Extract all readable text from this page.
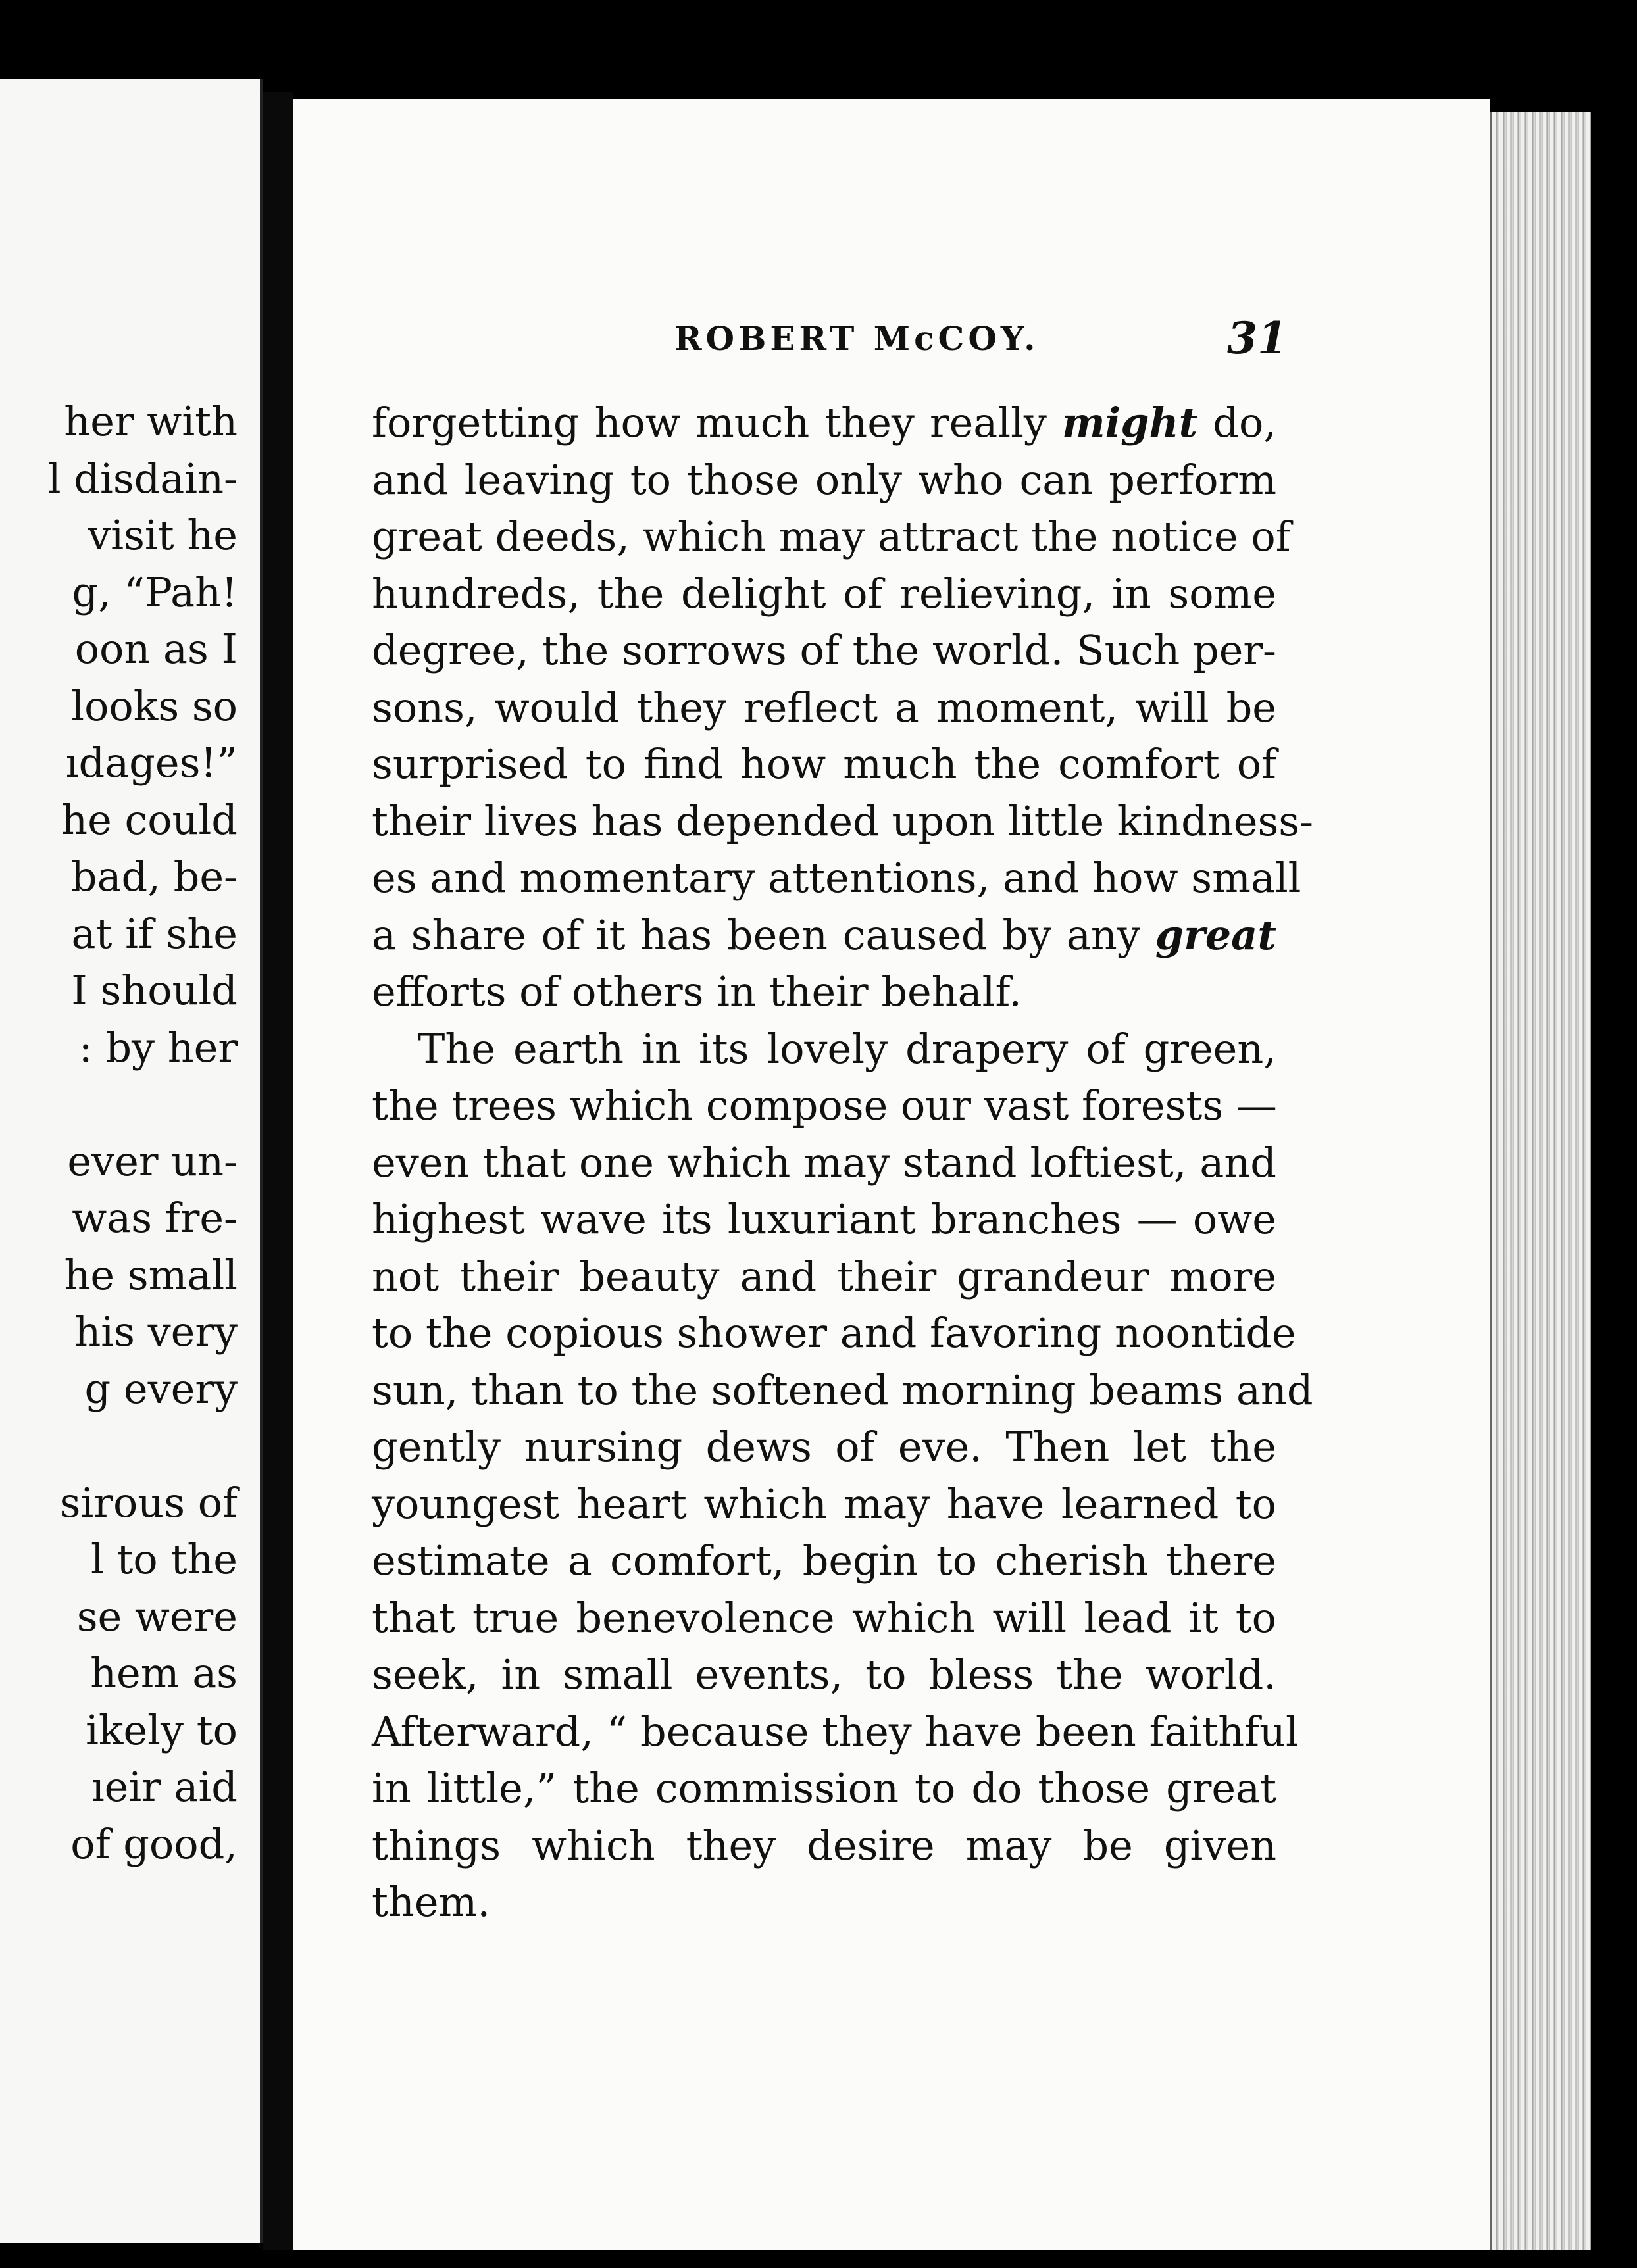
her with
l disdain-
visit he
g, “Pah!
oon as I
looks so
ıdages!”
he could
bad, be-
at if she
I should
: by her
ever un-
was fre-
he small
his very
g every
sirous of
l to the
se were
hem as
ikely to
ıeir aid
of good,
ROBERT McCOY.	31
forgetting how much they really might do,
and leaving to those only who can perform
great deeds, which may attract the notice of
hundreds, the delight of relieving, in some
degree, the sorrows of the world. Such per-
sons, would they reflect a moment, will be
surprised to find how much the comfort of
their lives has depended upon little kindness-
es and momentary attentions, and how small
a share of it has been caused by any great
efforts of others in their behalf.
The earth in its lovely drapery of green,
the trees which compose our vast forests —
even that one which may stand loftiest, and
highest wave its luxuriant branches — owe
not their beauty and their grandeur more
to the copious shower and favoring noontide
sun, than to the softened morning beams and
gently nursing dews of eve. Then let the
youngest heart which may have learned to
estimate a comfort, begin to cherish there
that true benevolence which will lead it to
seek, in small events, to bless the world.
Afterward, “ because they have been faithful
in little,” the commission to do those great
things which they desire may be given
them.
